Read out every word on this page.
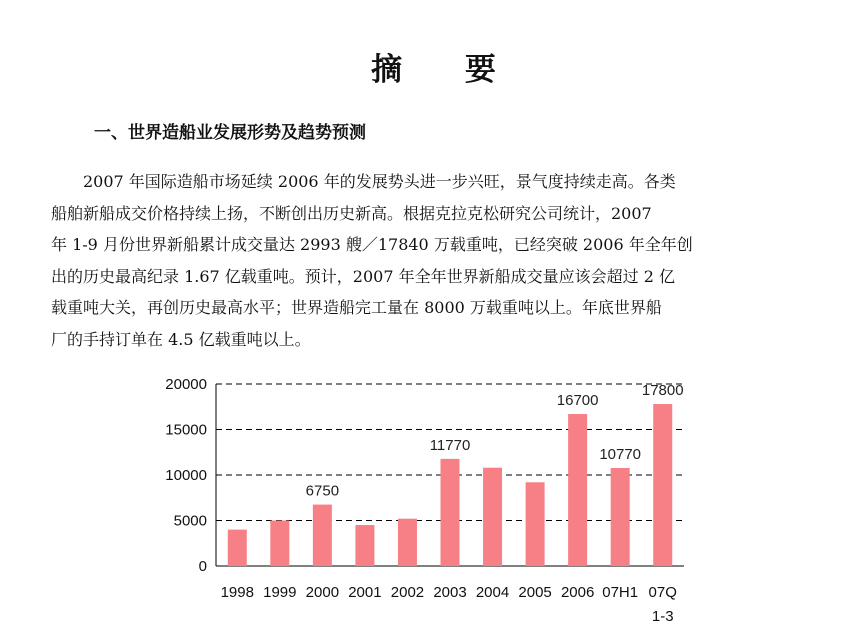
摘 要
一、世界造船业发展形势及趋势预测
2007 年国际造船市场延续 2006 年的发展势头进一步兴旺，景气度持续走高。各类
船舶新船成交价格持续上扬，不断创出历史新高。根据克拉克松研究公司统计，2007
年 1-9 月份世界新船累计成交量达 2993 艘／17840 万载重吨，已经突破 2006 年全年创
出的历史最高纪录 1.67 亿载重吨。预计，2007 年全年世界新船成交量应该会超过 2 亿
载重吨大关，再创历史最高水平；世界造船完工量在 8000 万载重吨以上。年底世界船
厂的手持订单在 4.5 亿载重吨以上。
0
5000
10000
15000
20000
1998 1999
6750
2000 2001 2002
11770
2003 2004 2005
16700
2006
10770
07H1
17800
07Q
1-3
